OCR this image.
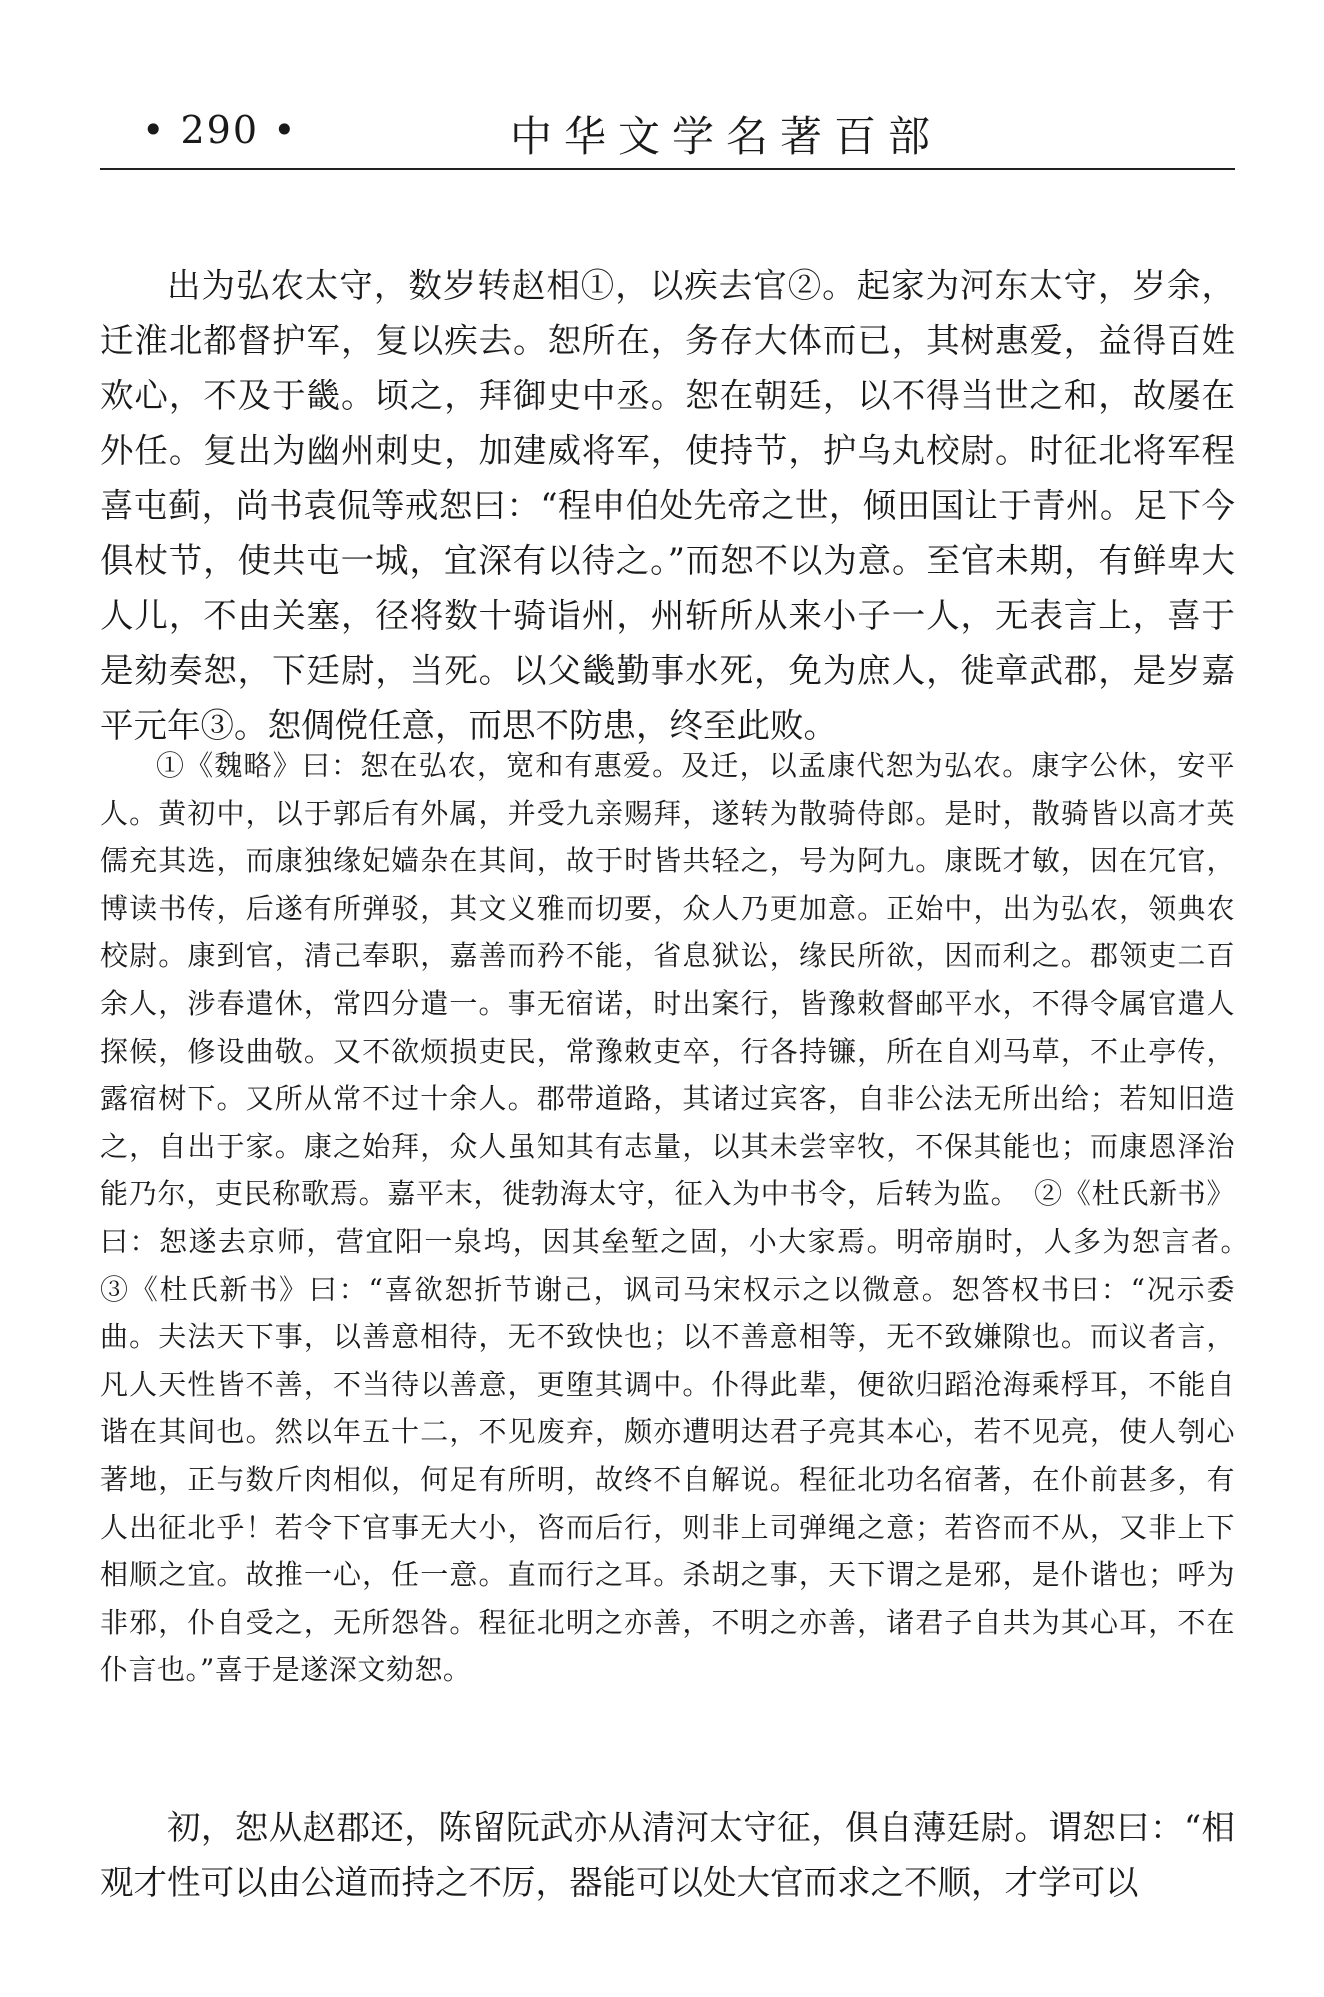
• 290 •	中华文学名著百部

出为弘农太守，数岁转赵相①，以疾去官②。起家为河东太守，岁余，迁淮北都督护军，复以疾去。恕所在，务存大体而已，其树惠爱，益得百姓欢心，不及于畿。顷之，拜御史中丞。恕在朝廷，以不得当世之和，故屡在外任。复出为幽州刺史，加建威将军，使持节，护乌丸校尉。时征北将军程喜屯蓟，尚书袁侃等戒恕曰：“程申伯处先帝之世，倾田国让于青州。足下今俱杖节，使共屯一城，宜深有以待之。”而恕不以为意。至官未期，有鲜卑大人儿，不由关塞，径将数十骑诣州，州斩所从来小子一人，无表言上，喜于是劾奏恕，下廷尉，当死。以父畿勤事水死，免为庶人，徙章武郡，是岁嘉平元年③。恕倜傥任意，而思不防患，终至此败。

①《魏略》曰：恕在弘农，宽和有惠爱。及迁，以孟康代恕为弘农。康字公休，安平人。黄初中，以于郭后有外属，并受九亲赐拜，遂转为散骑侍郎。是时，散骑皆以高才英儒充其选，而康独缘妃嫱杂在其间，故于时皆共轻之，号为阿九。康既才敏，因在冗官，博读书传，后遂有所弹驳，其文义雅而切要，众人乃更加意。正始中，出为弘农，领典农校尉。康到官，清己奉职，嘉善而矜不能，省息狱讼，缘民所欲，因而利之。郡领吏二百余人，涉春遣休，常四分遣一。事无宿诺，时出案行，皆豫敕督邮平水，不得令属官遣人探候，修设曲敬。又不欲烦损吏民，常豫敕吏卒，行各持镰，所在自刈马草，不止亭传，露宿树下。又所从常不过十余人。郡带道路，其诸过宾客，自非公法无所出给；若知旧造之，自出于家。康之始拜，众人虽知其有志量，以其未尝宰牧，不保其能也；而康恩泽治能乃尔，吏民称歌焉。嘉平末，徙勃海太守，征入为中书令，后转为监。　②《杜氏新书》曰：恕遂去京师，营宜阳一泉坞，因其垒堑之固，小大家焉。明帝崩时，人多为恕言者。　③《杜氏新书》曰：“喜欲恕折节谢己，讽司马宋权示之以微意。恕答权书曰：“况示委曲。夫法天下事，以善意相待，无不致快也；以不善意相等，无不致嫌隙也。而议者言，凡人天性皆不善，不当待以善意，更堕其调中。仆得此辈，便欲归蹈沧海乘桴耳，不能自谐在其间也。然以年五十二，不见废弃，颇亦遭明达君子亮其本心，若不见亮，使人刳心著地，正与数斤肉相似，何足有所明，故终不自解说。程征北功名宿著，在仆前甚多，有人出征北乎！若令下官事无大小，咨而后行，则非上司弹绳之意；若咨而不从，又非上下相顺之宜。故推一心，任一意。直而行之耳。杀胡之事，天下谓之是邪，是仆谐也；呼为非邪，仆自受之，无所怨咎。程征北明之亦善，不明之亦善，诸君子自共为其心耳，不在仆言也。”喜于是遂深文劾恕。

初，恕从赵郡还，陈留阮武亦从清河太守征，俱自薄廷尉。谓恕曰：“相观才性可以由公道而持之不厉，器能可以处大官而求之不顺，才学可以
